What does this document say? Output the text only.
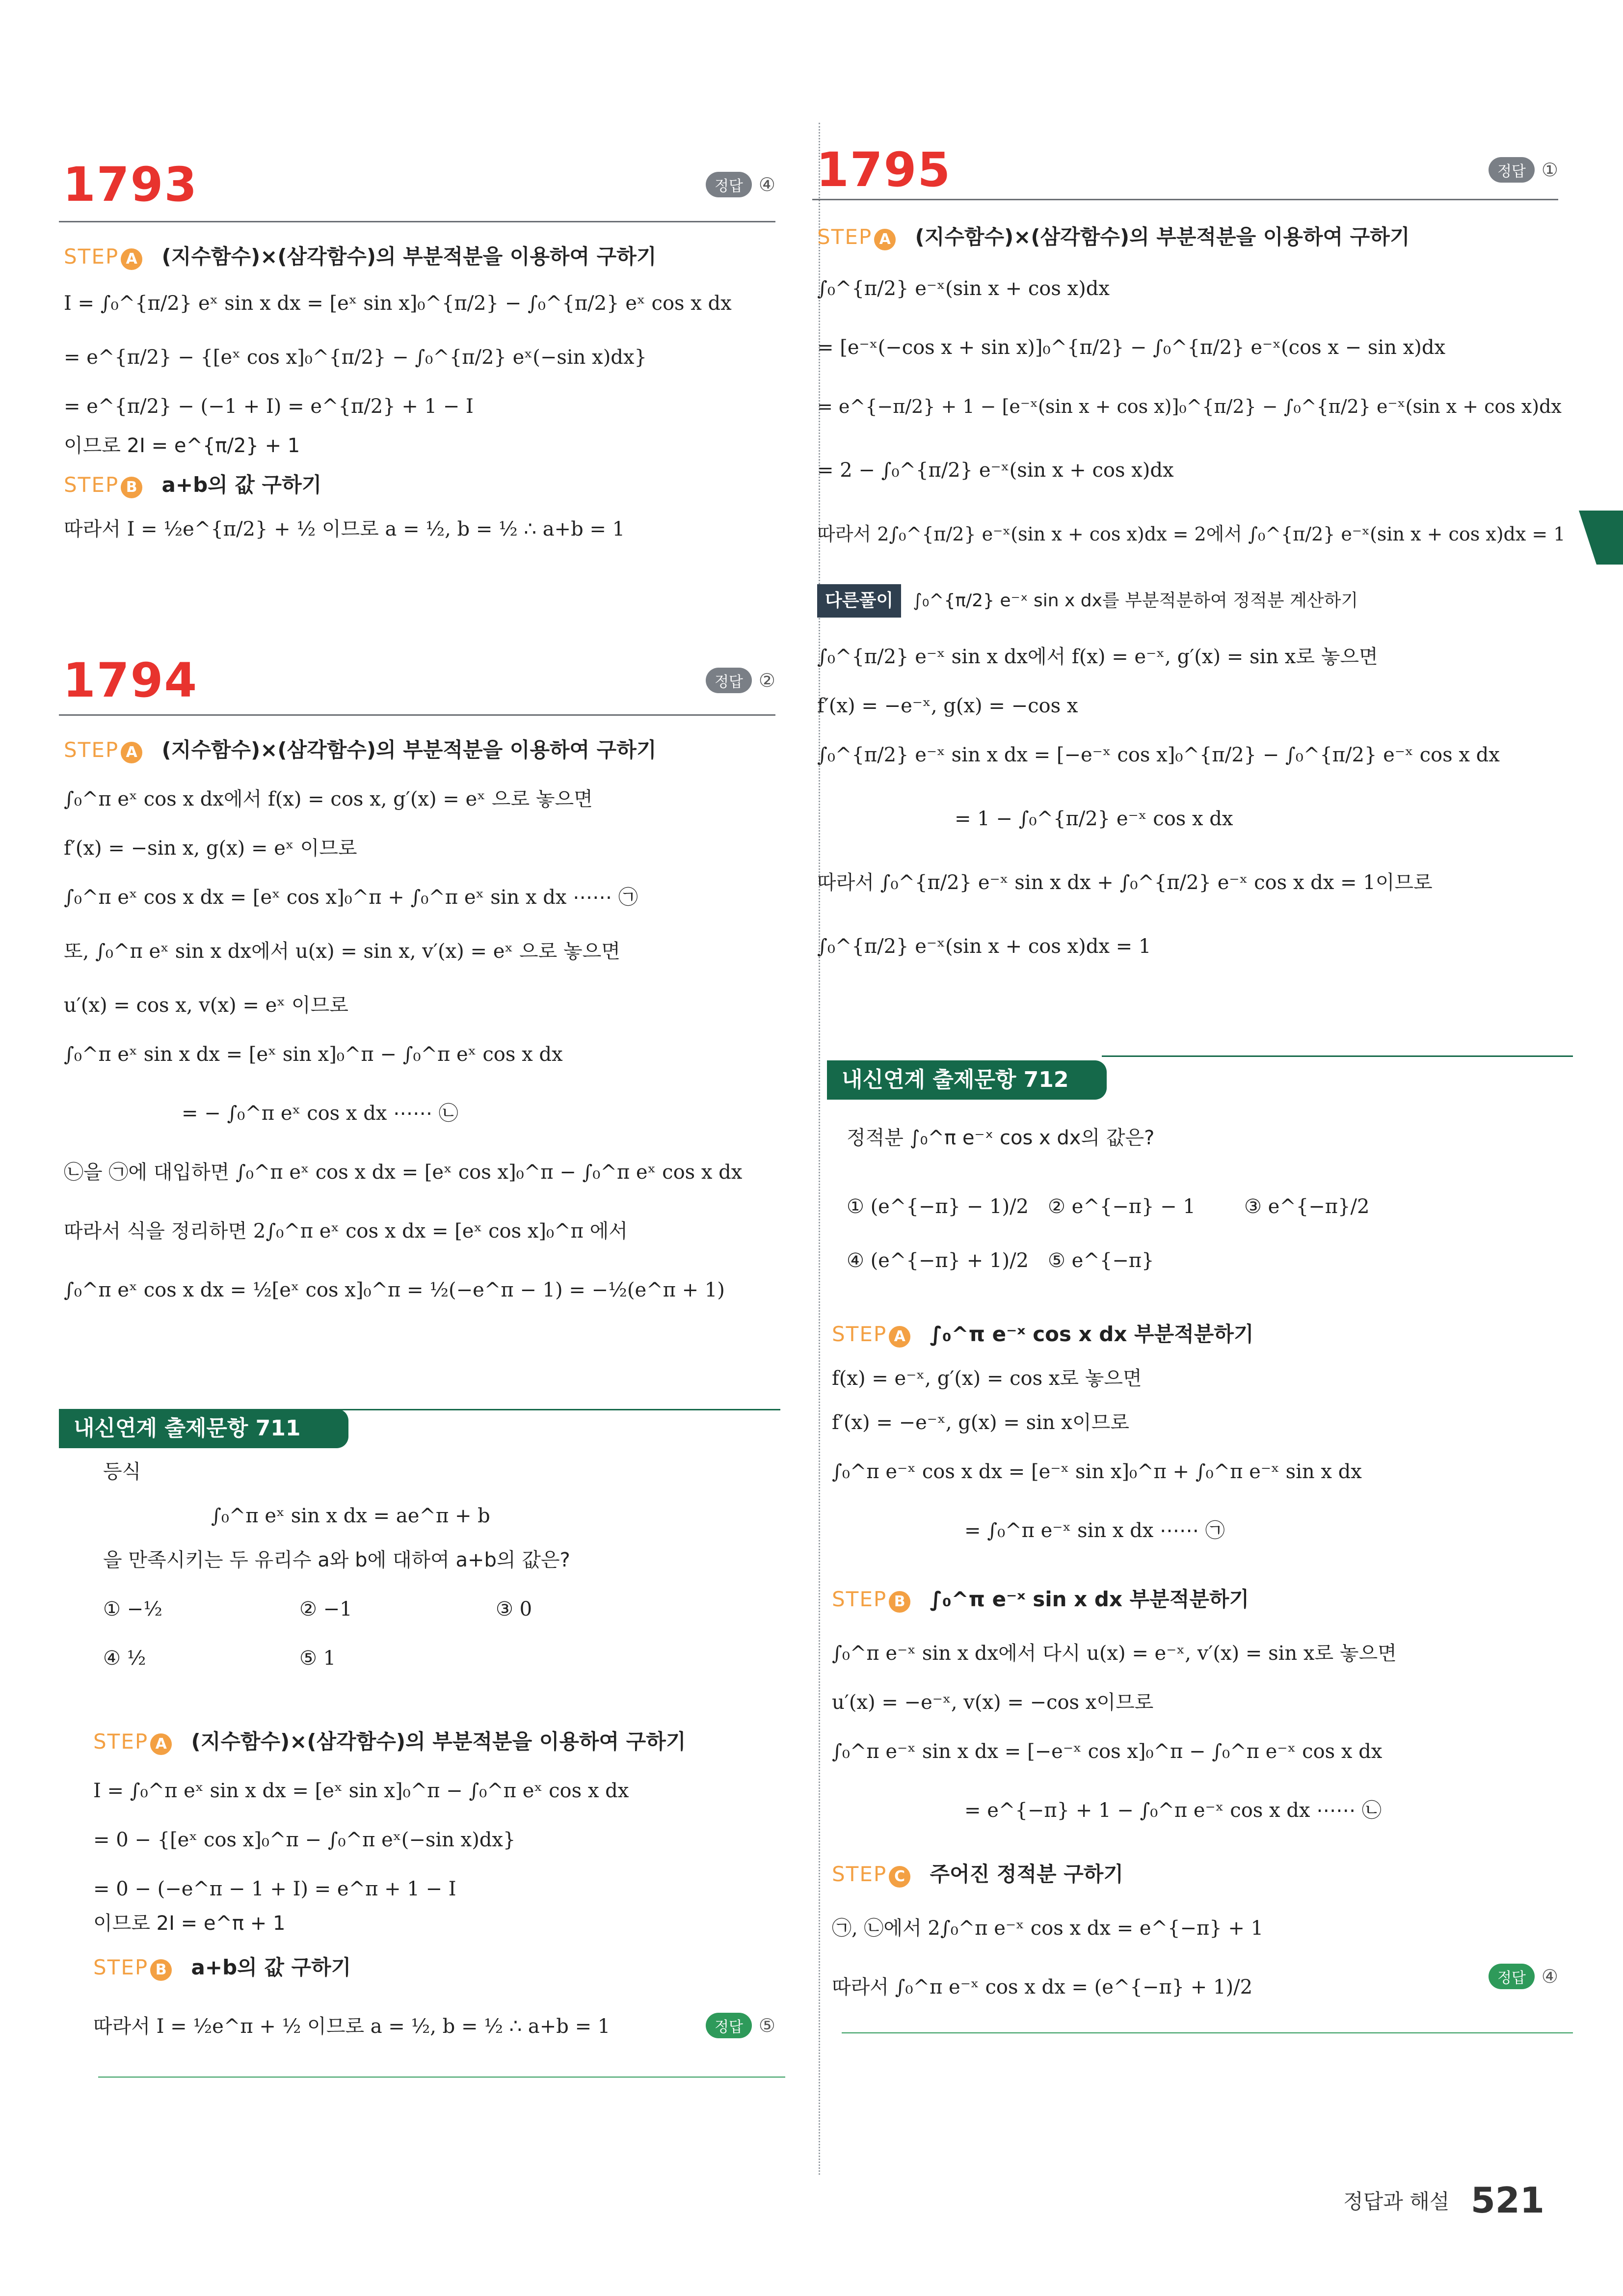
1793	정답 ④
STEP A (지수함수)×(삼각함수)의 부분적분을 이용하여 구하기
I = ∫₀^{π/2} eˣ sin x dx = [eˣ sin x]₀^{π/2} − ∫₀^{π/2} eˣ cos x dx
= e^{π/2} − {[eˣ cos x]₀^{π/2} − ∫₀^{π/2} eˣ(−sin x)dx}
= e^{π/2} − (−1 + I) = e^{π/2} + 1 − I
이므로 2I = e^{π/2} + 1
STEP B a+b의 값 구하기
따라서 I = ½e^{π/2} + ½ 이므로 a = ½, b = ½ ∴ a+b = 1
1794	정답 ②
STEP A (지수함수)×(삼각함수)의 부분적분을 이용하여 구하기
∫₀^π eˣ cos x dx에서 f(x) = cos x, g′(x) = eˣ 으로 놓으면
f′(x) = −sin x, g(x) = eˣ 이므로
∫₀^π eˣ cos x dx = [eˣ cos x]₀^π + ∫₀^π eˣ sin x dx ⋯⋯ ㉠
또, ∫₀^π eˣ sin x dx에서 u(x) = sin x, v′(x) = eˣ 으로 놓으면
u′(x) = cos x, v(x) = eˣ 이므로
∫₀^π eˣ sin x dx = [eˣ sin x]₀^π − ∫₀^π eˣ cos x dx
= − ∫₀^π eˣ cos x dx ⋯⋯ ㉡
㉡을 ㉠에 대입하면 ∫₀^π eˣ cos x dx = [eˣ cos x]₀^π − ∫₀^π eˣ cos x dx
따라서 식을 정리하면 2∫₀^π eˣ cos x dx = [eˣ cos x]₀^π 에서
∫₀^π eˣ cos x dx = ½[eˣ cos x]₀^π = ½(−e^π − 1) = −½(e^π + 1)
내신연계 출제문항 711
등식
∫₀^π eˣ sin x dx = ae^π + b
을 만족시키는 두 유리수 a와 b에 대하여 a+b의 값은?
① −½	② −1	③ 0
④ ½	⑤ 1
STEP A (지수함수)×(삼각함수)의 부분적분을 이용하여 구하기
I = ∫₀^π eˣ sin x dx = [eˣ sin x]₀^π − ∫₀^π eˣ cos x dx
= 0 − {[eˣ cos x]₀^π − ∫₀^π eˣ(−sin x)dx}
= 0 − (−e^π − 1 + I) = e^π + 1 − I
이므로 2I = e^π + 1
STEP B a+b의 값 구하기
따라서 I = ½e^π + ½ 이므로 a = ½, b = ½ ∴ a+b = 1	정답 ⑤
1795	정답 ①
STEP A (지수함수)×(삼각함수)의 부분적분을 이용하여 구하기
∫₀^{π/2} e⁻ˣ(sin x + cos x)dx
= [e⁻ˣ(−cos x + sin x)]₀^{π/2} − ∫₀^{π/2} e⁻ˣ(cos x − sin x)dx
= e^{−π/2} + 1 − [e⁻ˣ(sin x + cos x)]₀^{π/2} − ∫₀^{π/2} e⁻ˣ(sin x + cos x)dx
= 2 − ∫₀^{π/2} e⁻ˣ(sin x + cos x)dx
따라서 2∫₀^{π/2} e⁻ˣ(sin x + cos x)dx = 2에서 ∫₀^{π/2} e⁻ˣ(sin x + cos x)dx = 1
다른풀이 ∫₀^{π/2} e⁻ˣ sin x dx를 부분적분하여 정적분 계산하기
∫₀^{π/2} e⁻ˣ sin x dx에서 f(x) = e⁻ˣ, g′(x) = sin x로 놓으면
f′(x) = −e⁻ˣ, g(x) = −cos x
∫₀^{π/2} e⁻ˣ sin x dx = [−e⁻ˣ cos x]₀^{π/2} − ∫₀^{π/2} e⁻ˣ cos x dx
= 1 − ∫₀^{π/2} e⁻ˣ cos x dx
따라서 ∫₀^{π/2} e⁻ˣ sin x dx + ∫₀^{π/2} e⁻ˣ cos x dx = 1이므로
∫₀^{π/2} e⁻ˣ(sin x + cos x)dx = 1
내신연계 출제문항 712
정적분 ∫₀^π e⁻ˣ cos x dx의 값은?
① (e^{−π} − 1)/2 ② e^{−π} − 1	③ e^{−π}/2
④ (e^{−π} + 1)/2 ⑤ e^{−π}
STEP A ∫₀^π e⁻ˣ cos x dx 부분적분하기
f(x) = e⁻ˣ, g′(x) = cos x로 놓으면
f′(x) = −e⁻ˣ, g(x) = sin x이므로
∫₀^π e⁻ˣ cos x dx = [e⁻ˣ sin x]₀^π + ∫₀^π e⁻ˣ sin x dx
= ∫₀^π e⁻ˣ sin x dx ⋯⋯ ㉠
STEP B ∫₀^π e⁻ˣ sin x dx 부분적분하기
∫₀^π e⁻ˣ sin x dx에서 다시 u(x) = e⁻ˣ, v′(x) = sin x로 놓으면
u′(x) = −e⁻ˣ, v(x) = −cos x이므로
∫₀^π e⁻ˣ sin x dx = [−e⁻ˣ cos x]₀^π − ∫₀^π e⁻ˣ cos x dx
= e^{−π} + 1 − ∫₀^π e⁻ˣ cos x dx ⋯⋯ ㉡
STEP C 주어진 정적분 구하기
㉠, ㉡에서 2∫₀^π e⁻ˣ cos x dx = e^{−π} + 1
따라서 ∫₀^π e⁻ˣ cos x dx = (e^{−π} + 1)/2	정답 ④
정답과 해설 521
